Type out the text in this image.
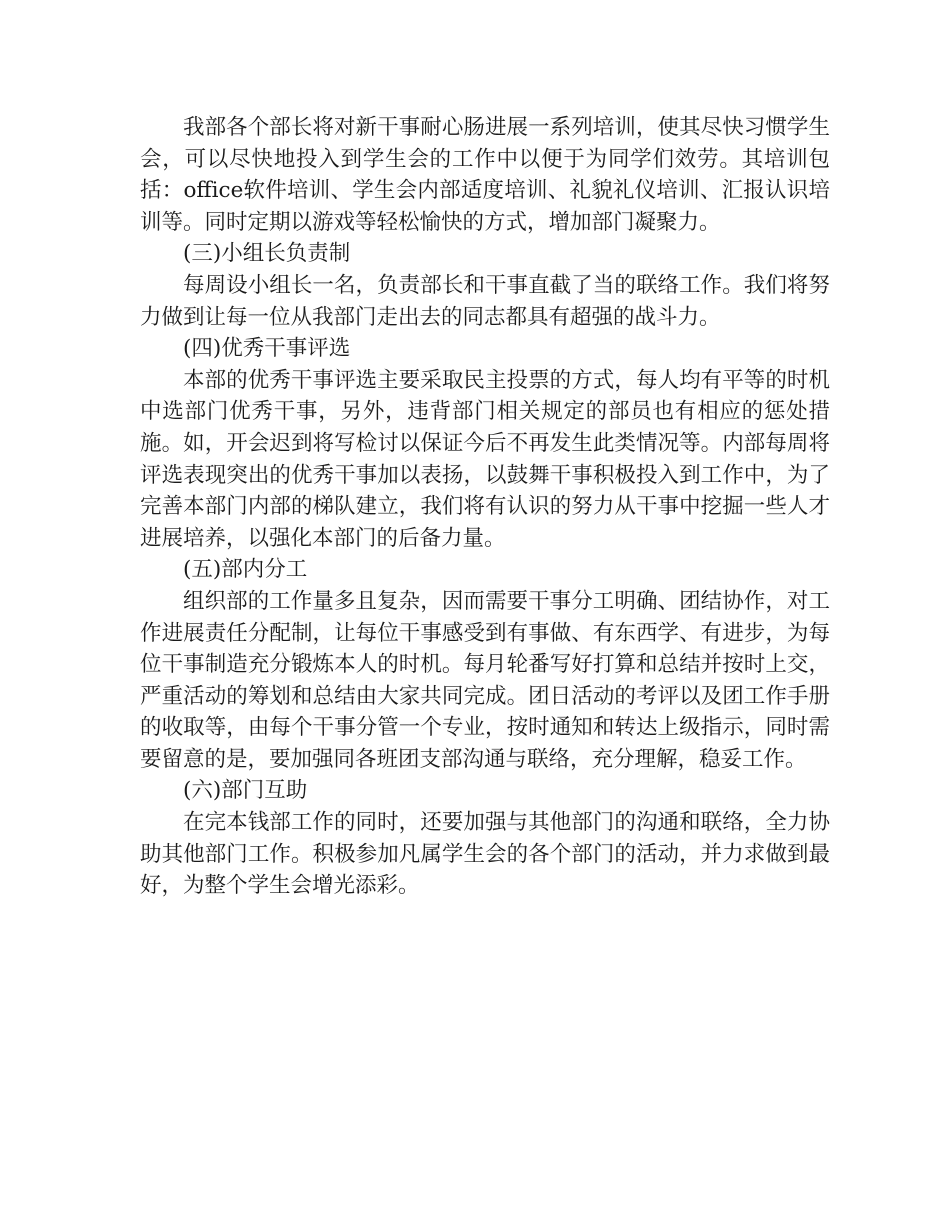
我部各个部长将对新干事耐心肠进展一系列培训，使其尽快习惯学生会，可以尽快地投入到学生会的工作中以便于为同学们效劳。其培训包括：office软件培训、学生会内部适度培训、礼貌礼仪培训、汇报认识培训等。同时定期以游戏等轻松愉快的方式，增加部门凝聚力。

(三)小组长负责制

每周设小组长一名，负责部长和干事直截了当的联络工作。我们将努力做到让每一位从我部门走出去的同志都具有超强的战斗力。

(四)优秀干事评选

本部的优秀干事评选主要采取民主投票的方式，每人均有平等的时机中选部门优秀干事，另外，违背部门相关规定的部员也有相应的惩处措施。如，开会迟到将写检讨以保证今后不再发生此类情况等。内部每周将评选表现突出的优秀干事加以表扬，以鼓舞干事积极投入到工作中，为了完善本部门内部的梯队建立，我们将有认识的努力从干事中挖掘一些人才进展培养，以强化本部门的后备力量。

(五)部内分工

组织部的工作量多且复杂，因而需要干事分工明确、团结协作，对工作进展责任分配制，让每位干事感受到有事做、有东西学、有进步，为每位干事制造充分锻炼本人的时机。每月轮番写好打算和总结并按时上交，严重活动的筹划和总结由大家共同完成。团日活动的考评以及团工作手册的收取等，由每个干事分管一个专业，按时通知和转达上级指示，同时需要留意的是，要加强同各班团支部沟通与联络，充分理解，稳妥工作。

(六)部门互助

在完本钱部工作的同时，还要加强与其他部门的沟通和联络，全力协助其他部门工作。积极参加凡属学生会的各个部门的活动，并力求做到最好，为整个学生会增光添彩。
